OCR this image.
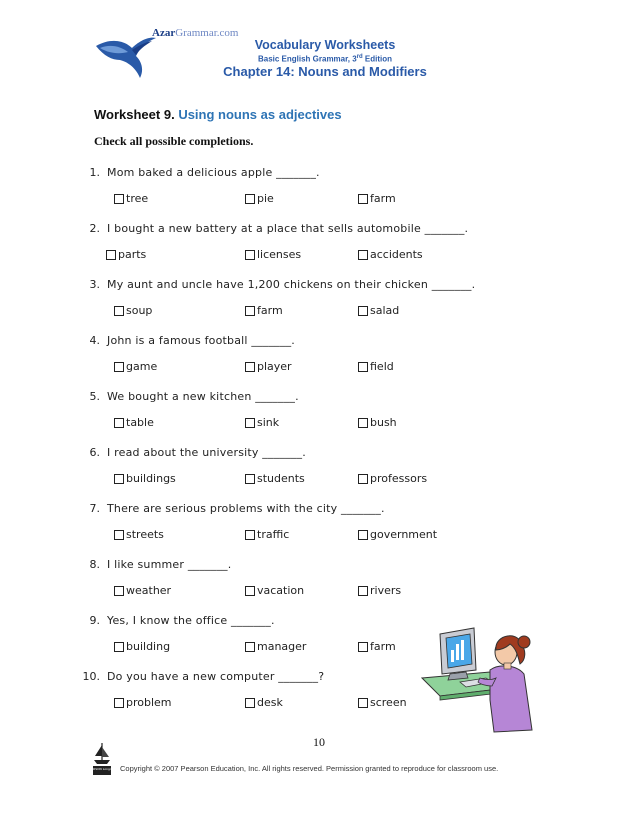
AzarGrammar.com
Vocabulary Worksheets
Basic English Grammar, 3rd Edition
Chapter 14: Nouns and Modifiers
Worksheet 9. Using nouns as adjectives
Check all possible completions.
1. Mom baked a delicious apple _______.
tree	pie	farm
2. I bought a new battery at a place that sells automobile _______.
parts	licenses	accidents
3. My aunt and uncle have 1,200 chickens on their chicken _______.
soup	farm	salad
4. John is a famous football _______.
game	player	field
5. We bought a new kitchen _______.
table	sink	bush
6. I read about the university _______.
buildings	students	professors
7. There are serious problems with the city _______.
streets	traffic	government
8. I like summer _______.
weather	vacation	rivers
9. Yes, I know the office _______.
building	manager	farm
10. Do you have a new computer _______?
problem	desk	screen
10
PEARSON Longman Copyright © 2007 Pearson Education, Inc. All rights reserved. Permission granted to reproduce for classroom use.
